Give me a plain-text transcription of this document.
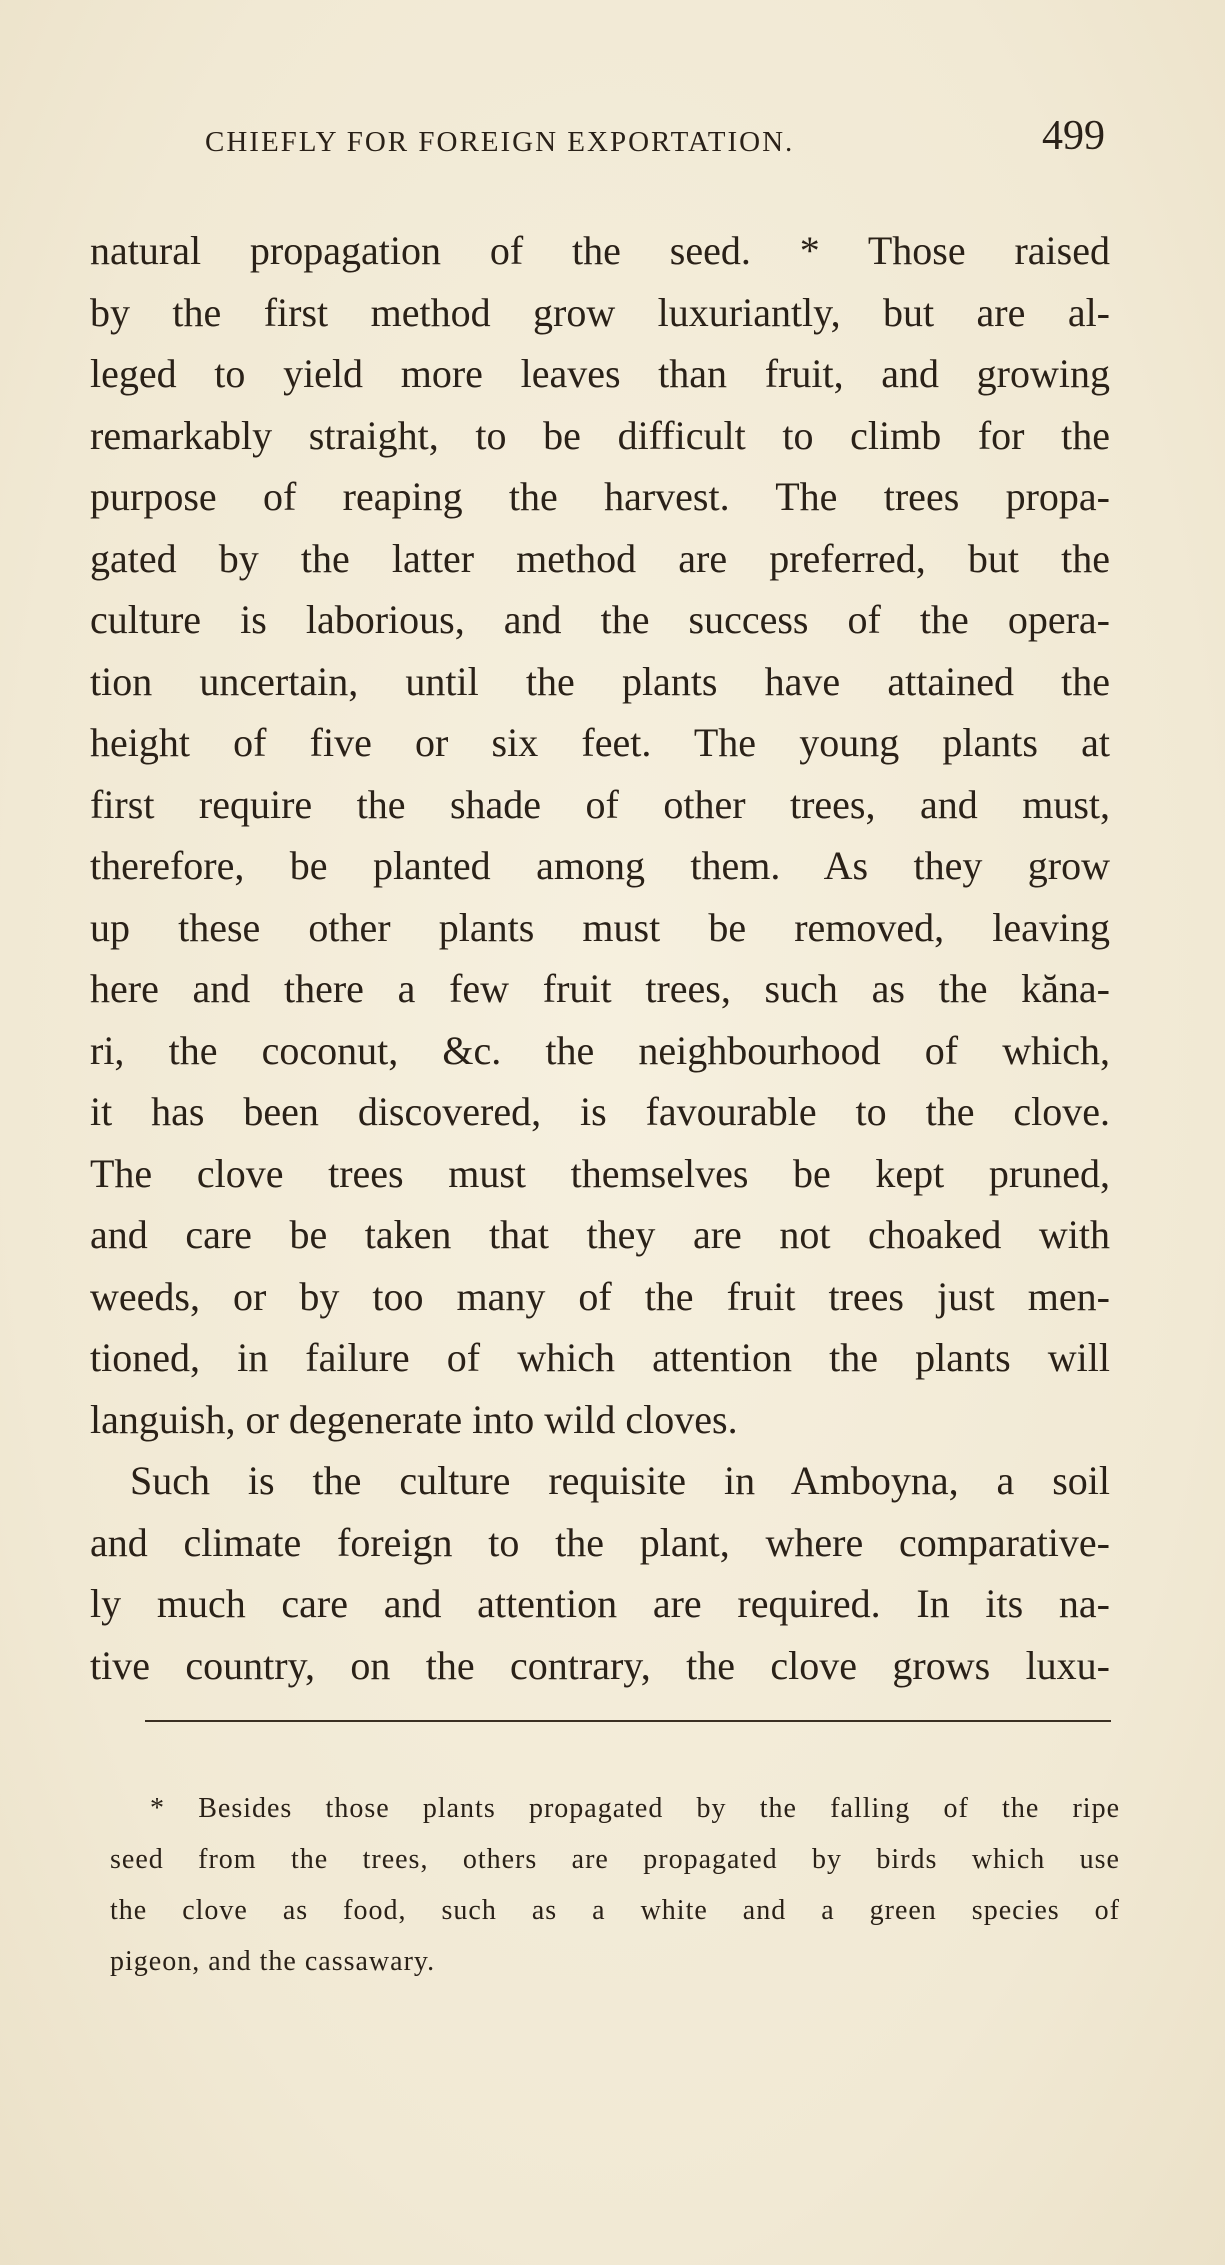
CHIEFLY FOR FOREIGN EXPORTATION.	499
natural propagation of the seed. * Those raised
by the first method grow luxuriantly, but are al-
leged to yield more leaves than fruit, and growing
remarkably straight, to be difficult to climb for the
purpose of reaping the harvest. The trees propa-
gated by the latter method are preferred, but the
culture is laborious, and the success of the opera-
tion uncertain, until the plants have attained the
height of five or six feet. The young plants at
first require the shade of other trees, and must,
therefore, be planted among them. As they grow
up these other plants must be removed, leaving
here and there a few fruit trees, such as the kăna-
ri, the coconut, &c. the neighbourhood of which,
it has been discovered, is favourable to the clove.
The clove trees must themselves be kept pruned,
and care be taken that they are not choaked with
weeds, or by too many of the fruit trees just men-
tioned, in failure of which attention the plants will
languish, or degenerate into wild cloves.
Such is the culture requisite in Amboyna, a soil
and climate foreign to the plant, where comparative-
ly much care and attention are required. In its na-
tive country, on the contrary, the clove grows luxu-
* Besides those plants propagated by the falling of the ripe
seed from the trees, others are propagated by birds which use
the clove as food, such as a white and a green species of
pigeon, and the cassawary.
